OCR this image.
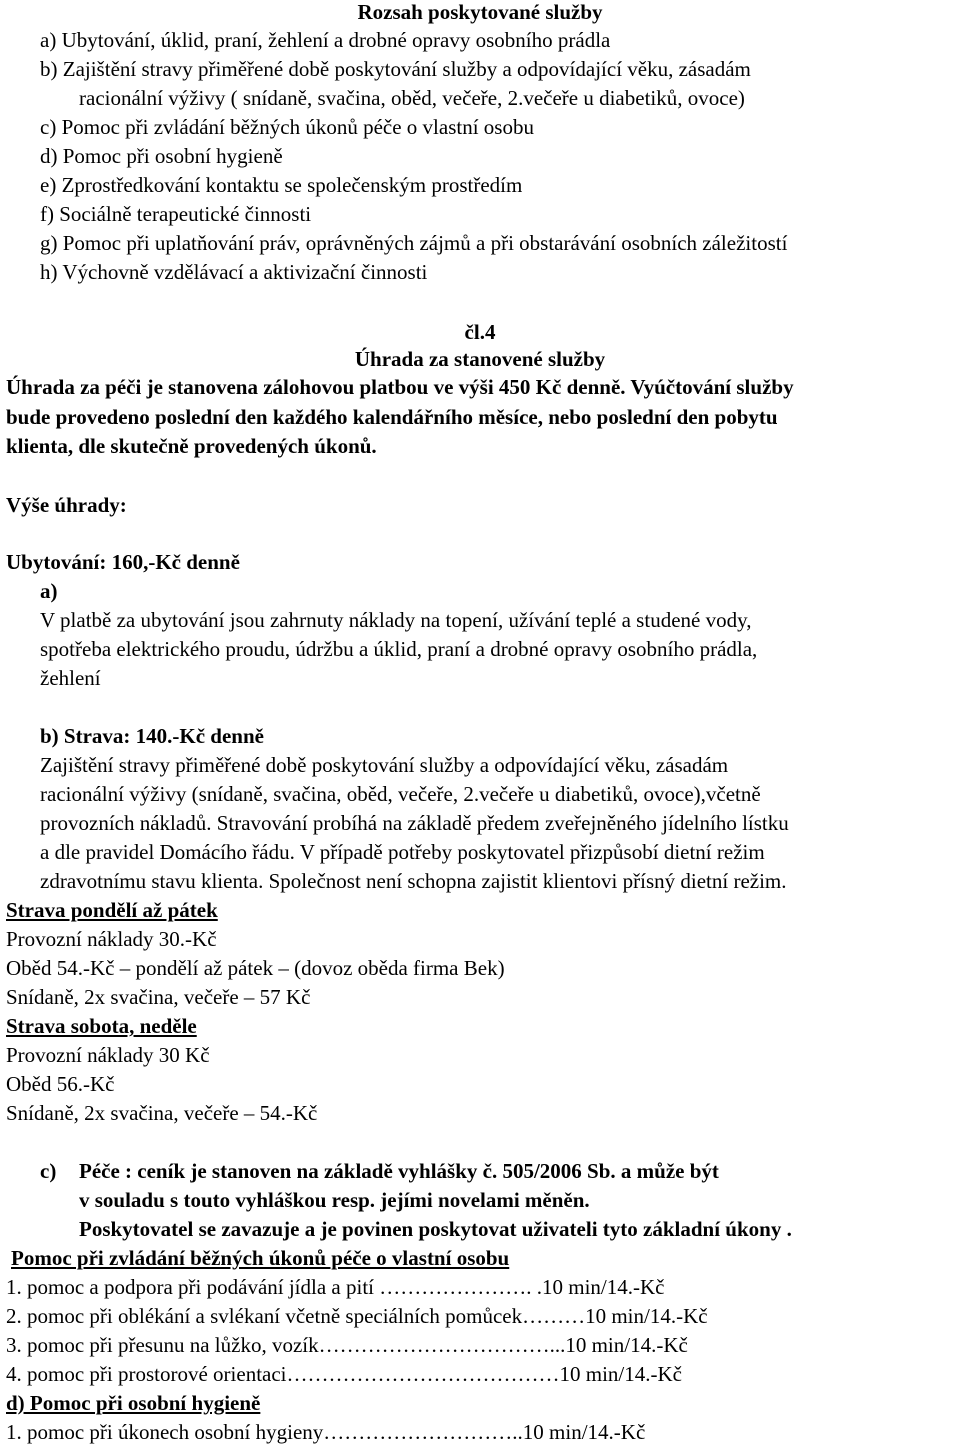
Rozsah poskytované služby
a) Ubytování, úklid, praní, žehlení a drobné opravy osobního prádla
b) Zajištění stravy přiměřené době poskytování služby a odpovídající věku, zásadám
racionální výživy ( snídaně, svačina, oběd, večeře, 2.večeře u diabetiků, ovoce)
c) Pomoc při zvládání běžných úkonů péče o vlastní osobu
d) Pomoc při osobní hygieně
e) Zprostředkování kontaktu se společenským prostředím
f) Sociálně terapeutické činnosti
g) Pomoc při uplatňování práv, oprávněných zájmů a při obstarávání osobních záležitostí
h) Výchovně vzdělávací a aktivizační činnosti
čl.4
Úhrada za stanovené služby
Úhrada za péči je stanovena zálohovou platbou ve výši 450 Kč denně. Vyúčtování služby
bude provedeno poslední den každého kalendářního měsíce, nebo poslední den pobytu
klienta, dle skutečně provedených úkonů.
Výše úhrady:
Ubytování: 160,-Kč denně
a)
V platbě za ubytování jsou zahrnuty náklady na topení, užívání teplé a studené vody,
spotřeba elektrického proudu, údržbu a úklid, praní a drobné opravy osobního prádla,
žehlení
b) Strava: 140.-Kč denně
Zajištění stravy přiměřené době poskytování služby a odpovídající věku, zásadám
racionální výživy (snídaně, svačina, oběd, večeře, 2.večeře u diabetiků, ovoce),včetně
provozních nákladů. Stravování probíhá na základě předem zveřejněného jídelního lístku
a dle pravidel Domácího řádu. V případě potřeby poskytovatel přizpůsobí dietní režim
zdravotnímu stavu klienta. Společnost není schopna zajistit klientovi přísný dietní režim.
Strava pondělí až pátek
Provozní náklady 30.-Kč
Oběd 54.-Kč – pondělí až pátek – (dovoz oběda firma Bek)
Snídaně, 2x svačina, večeře – 57 Kč
Strava sobota, neděle
Provozní náklady 30 Kč
Oběd 56.-Kč
Snídaně, 2x svačina, večeře – 54.-Kč
c) Péče : ceník je stanoven na základě vyhlášky č. 505/2006 Sb. a může být
v souladu s touto vyhláškou resp. jejími novelami měněn.
Poskytovatel se zavazuje a je povinen poskytovat uživateli tyto základní úkony .
Pomoc při zvládání běžných úkonů péče o vlastní osobu
1. pomoc a podpora při podávání jídla a pití …………………. .10 min/14.-Kč
2. pomoc při oblékání a svlékaní včetně speciálních pomůcek………10 min/14.-Kč
3. pomoc při přesunu na lůžko, vozík……………………………...10 min/14.-Kč
4. pomoc při prostorové orientaci…………………………………10 min/14.-Kč
d) Pomoc při osobní hygieně
1. pomoc při úkonech osobní hygieny………………………..10 min/14.-Kč
